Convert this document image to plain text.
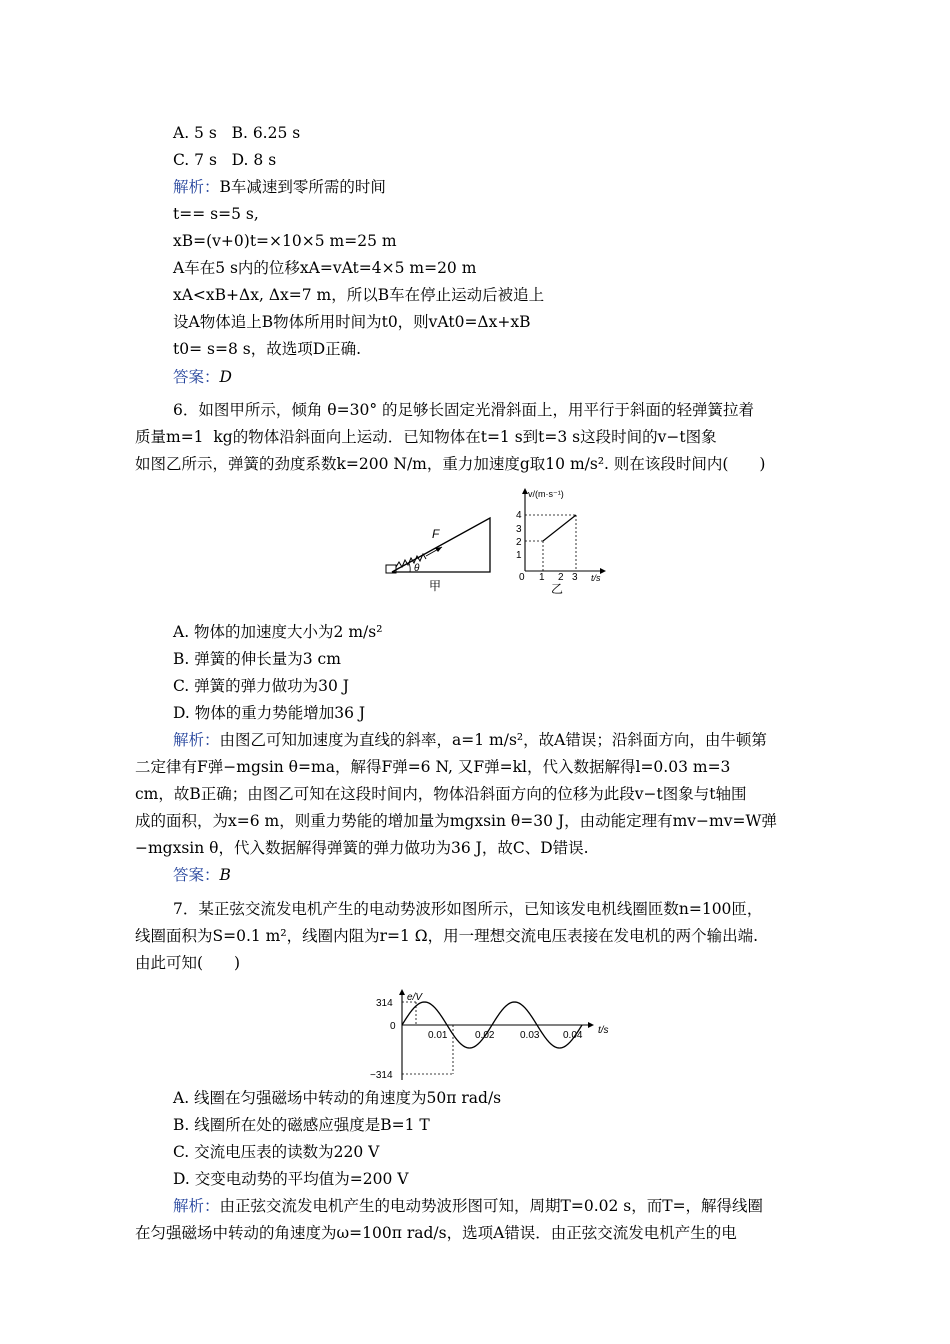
A. 5 s   B. 6.25 s
C. 7 s   D. 8 s
解析：B车减速到零所需的时间
t== s=5 s,
xB=(v+0)t=×10×5 m=25 m
A车在5 s内的位移xA=vAt=4×5 m=20 m
xA<xB+Δx, Δx=7 m，所以B车在停止运动后被追上
设A物体追上B物体所用时间为t0，则vAt0=Δx+xB
t0= s=8 s，故选项D正确.
答案：D
6．如图甲所示，倾角 θ=30° 的足够长固定光滑斜面上，用平行于斜面的轻弹簧拉着
质量m=1  kg的物体沿斜面向上运动．已知物体在t=1 s到t=3 s这段时间的v−t图象
如图乙所示，弹簧的劲度系数k=200 N/m，重力加速度g取10 m/s². 则在该段时间内(　　)
F
θ
甲
v/(m·s⁻¹)
t/s
1
2
3
4
0 1 2 3
乙
A. 物体的加速度大小为2 m/s²
B. 弹簧的伸长量为3 cm
C. 弹簧的弹力做功为30 J
D. 物体的重力势能增加36 J
解析：由图乙可知加速度为直线的斜率，a=1 m/s²，故A错误；沿斜面方向，由牛顿第
二定律有F弹−mgsin θ=ma，解得F弹=6 N, 又F弹=kl，代入数据解得l=0.03 m=3
cm，故B正确；由图乙可知在这段时间内，物体沿斜面方向的位移为此段v−t图象与t轴围
成的面积，为x=6 m，则重力势能的增加量为mgxsin θ=30 J，由动能定理有mv−mv=W弹
−mgxsin θ，代入数据解得弹簧的弹力做功为36 J，故C、D错误.
答案：B
7．某正弦交流发电机产生的电动势波形如图所示，已知该发电机线圈匝数n=100匝，
线圈面积为S=0.1 m²，线圈内阻为r=1 Ω，用一理想交流电压表接在发电机的两个输出端.
由此可知(　　)
e/V
t/s
314
0
−314
0.01	0.02	0.03 0.04
A. 线圈在匀强磁场中转动的角速度为50π rad/s
B. 线圈所在处的磁感应强度是B=1 T
C. 交流电压表的读数为220 V
D. 交变电动势的平均值为=200 V
解析：由正弦交流发电机产生的电动势波形图可知，周期T=0.02 s，而T=，解得线圈
在匀强磁场中转动的角速度为ω=100π rad/s，选项A错误．由正弦交流发电机产生的电
